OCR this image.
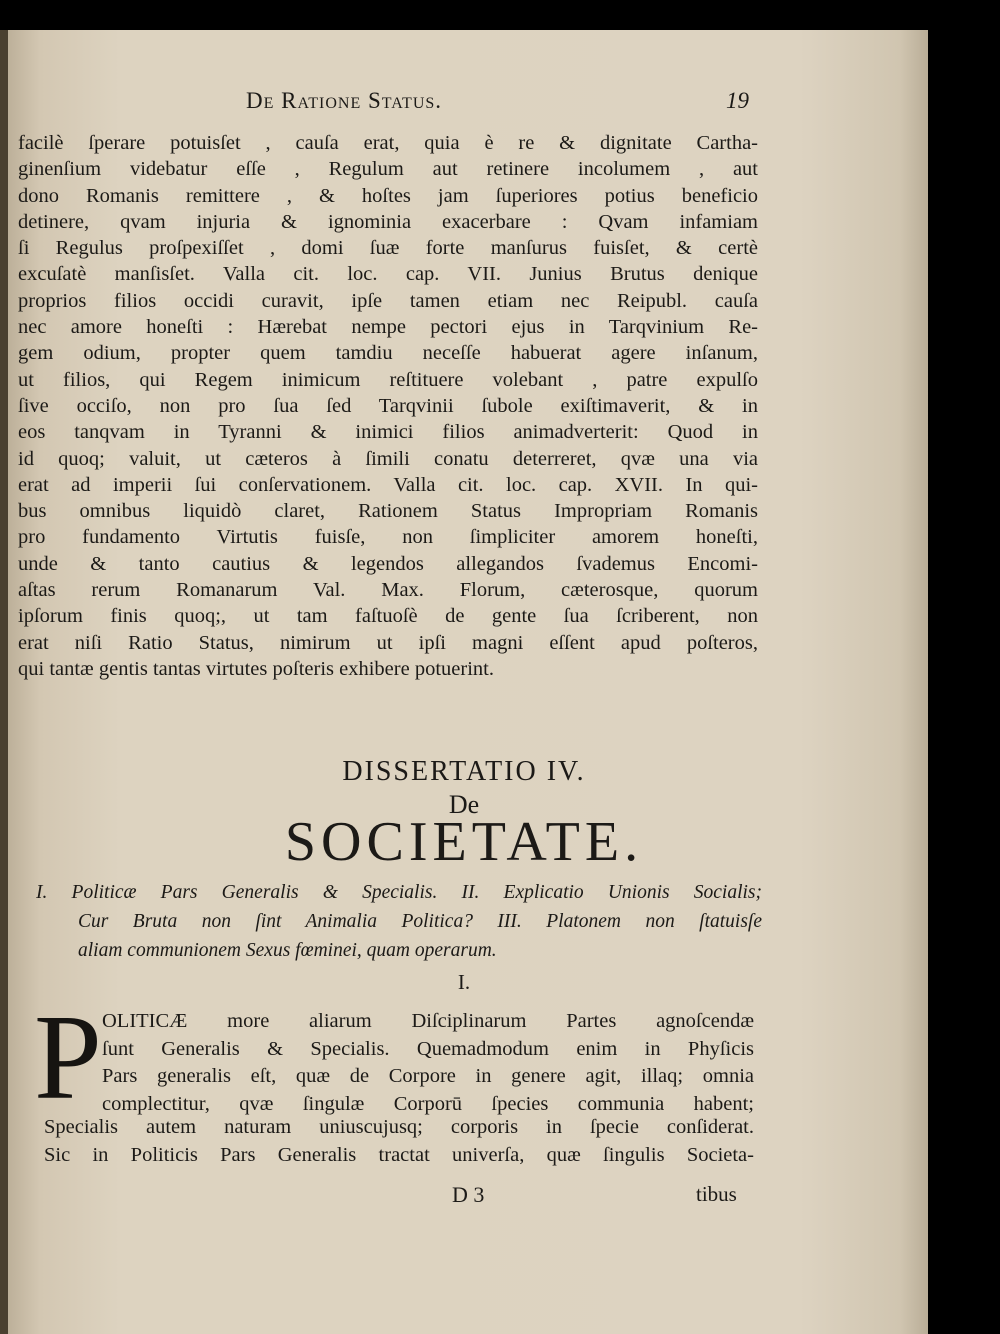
De Ratione Status.	19
facilè ſperare potuisſet , cauſa erat, quia è re & dignitate Cartha-
ginenſium videbatur eſſe , Regulum aut retinere incolumem , aut
dono Romanis remittere , & hoſtes jam ſuperiores potius beneficio
detinere, qvam injuria & ignominia exacerbare : Qvam infamiam
ſi Regulus proſpexiſſet , domi ſuæ forte manſurus fuisſet, & certè
excuſatè manſisſet. Valla cit. loc. cap. VII. Junius Brutus denique
proprios filios occidi curavit, ipſe tamen etiam nec Reipubl. cauſa
nec amore honeſti : Hærebat nempe pectori ejus in Tarqvinium Re-
gem odium, propter quem tamdiu neceſſe habuerat agere inſanum,
ut filios, qui Regem inimicum reſtituere volebant , patre expulſo
ſive occiſo, non pro ſua ſed Tarqvinii ſubole exiſtimaverit, & in
eos tanqvam in Tyranni & inimici filios animadverterit: Quod in
id quoq; valuit, ut cæteros à ſimili conatu deterreret, qvæ una via
erat ad imperii ſui conſervationem. Valla cit. loc. cap. XVII. In qui-
bus omnibus liquidò claret, Rationem Status Impropriam Romanis
pro fundamento Virtutis fuisſe, non ſimpliciter amorem honeſti,
unde & tanto cautius & legendos allegandos ſvademus Encomi-
aſtas rerum Romanarum Val. Max. Florum, cæterosque, quorum
ipſorum finis quoq;, ut tam faſtuoſè de gente ſua ſcriberent, non
erat niſi Ratio Status, nimirum ut ipſi magni eſſent apud poſteros,
qui tantæ gentis tantas virtutes poſteris exhibere potuerint.
DISSERTATIO IV.
De
SOCIETATE.
I. Politicæ Pars Generalis & Specialis. II. Explicatio Unionis Socialis;
Cur Bruta non ſint Animalia Politica? III. Platonem non ſtatuisſe
aliam communionem Sexus fœminei, quam operarum.
I.
P OLITICÆ more aliarum Diſciplinarum Partes agnoſcendæ
ſunt Generalis & Specialis. Quemadmodum enim in Phyſicis
Pars generalis eſt, quæ de Corpore in genere agit, illaq; omnia
complectitur, qvæ ſingulæ Corporū ſpecies communia habent;
Specialis autem naturam uniuscujusq; corporis in ſpecie conſiderat.
Sic in Politicis Pars Generalis tractat univerſa, quæ ſingulis Societa-
D 3	tibus
